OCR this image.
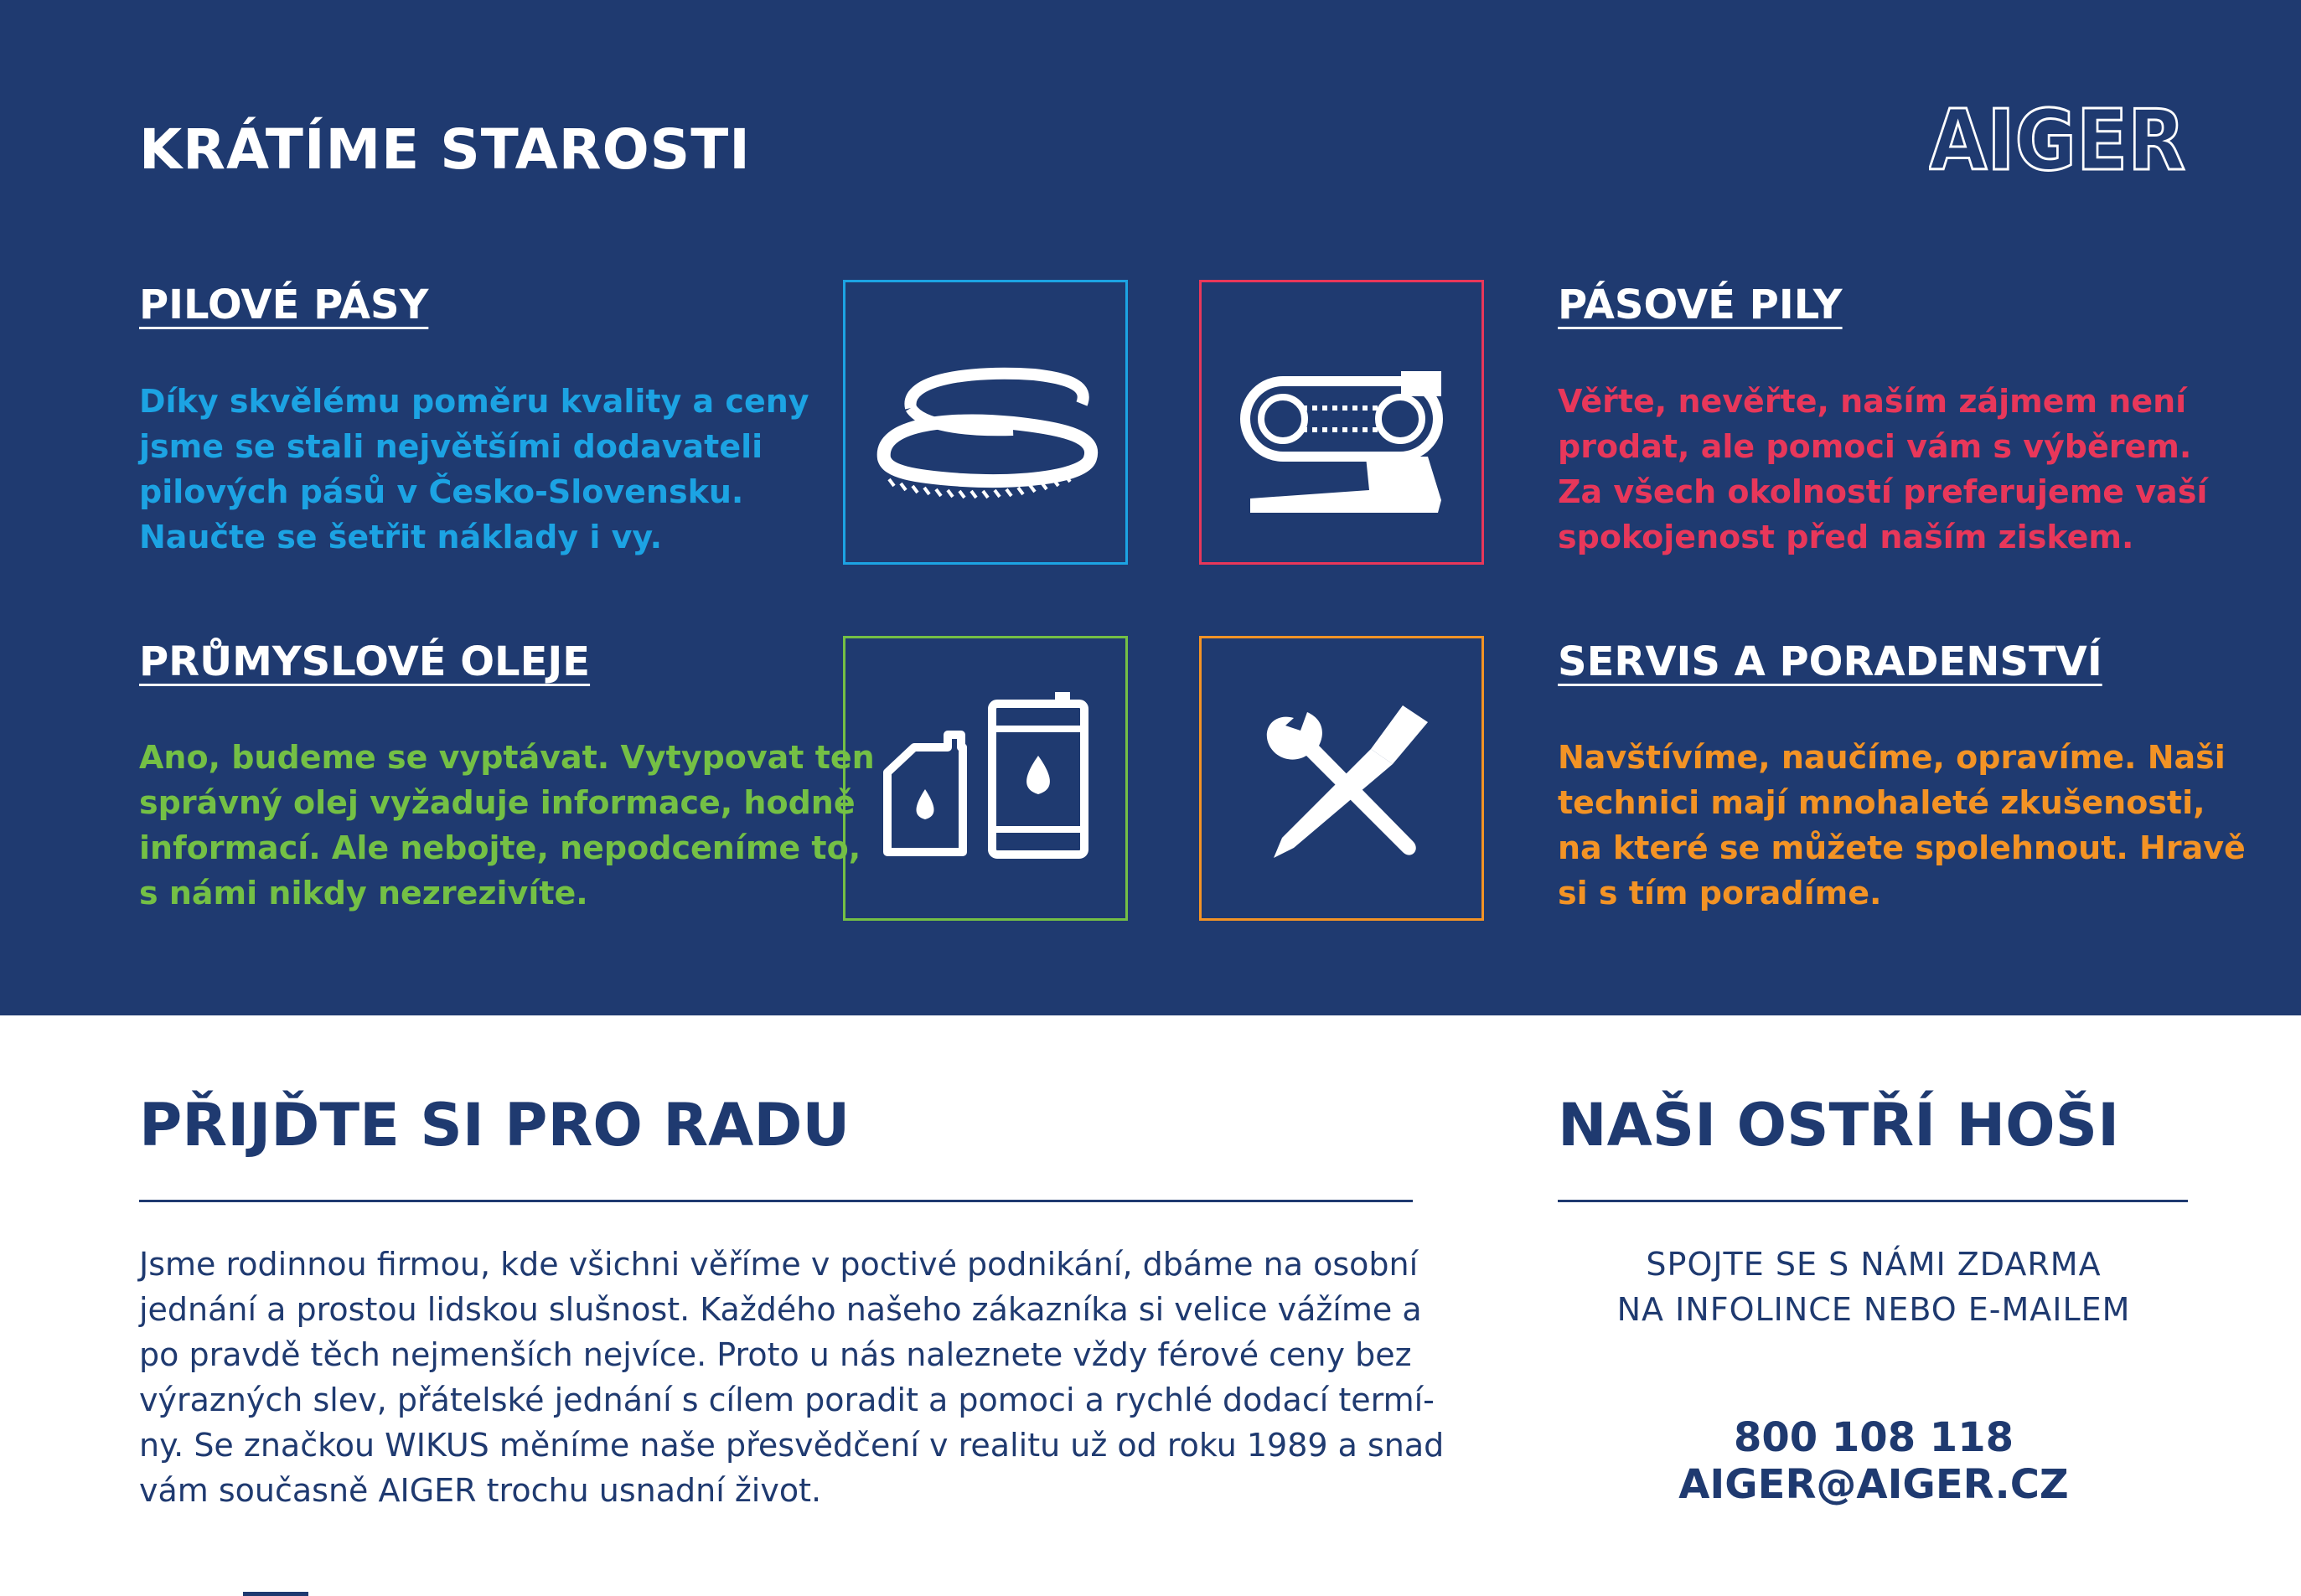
KRÁTÍME STAROSTI	AIGER
PILOVÉ PÁSY
Díky skvělému poměru kvality a ceny
jsme se stali největšími dodavateli
pilových pásů v Česko-Slovensku.
Naučte se šetřit náklady i vy.
PÁSOVÉ PILY
Věřte, nevěřte, naším zájmem není
prodat, ale pomoci vám s výběrem.
Za všech okolností preferujeme vaší
spokojenost před naším ziskem.
PRŮMYSLOVÉ OLEJE
Ano, budeme se vyptávat. Vytypovat ten
správný olej vyžaduje informace, hodně
informací. Ale nebojte, nepodceníme to,
s námi nikdy nezrezivíte.
SERVIS A PORADENSTVÍ
Navštívíme, naučíme, opravíme. Naši
technici mají mnohaleté zkušenosti,
na které se můžete spolehnout. Hravě
si s tím poradíme.
PŘIJĎTE SI PRO RADU
Jsme rodinnou firmou, kde všichni věříme v poctivé podnikání, dbáme na osobní
jednání a prostou lidskou slušnost. Každého našeho zákazníka si velice vážíme a
po pravdě těch nejmenších nejvíce. Proto u nás naleznete vždy férové ceny bez
výrazných slev, přátelské jednání s cílem poradit a pomoci a rychlé dodací termí-
ny. Se značkou WIKUS měníme naše přesvědčení v realitu už od roku 1989 a snad
vám současně AIGER trochu usnadní život.
NAŠI OSTŘÍ HOŠI
SPOJTE SE S NÁMI ZDARMA
NA INFOLINCE NEBO E-MAILEM
800 108 118
AIGER@AIGER.CZ
